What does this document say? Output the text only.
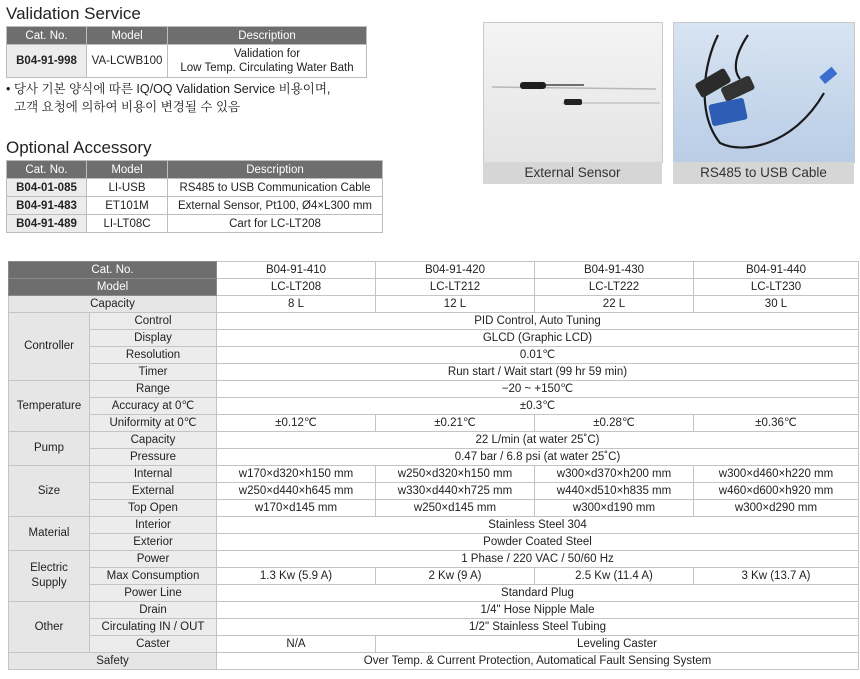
Validation Service
Cat. No.	Model	Description
B04-91-998	VA-LCWB100	Validation for
Low Temp. Circulating Water Bath
• 당사 기본 양식에 따른 IQ/OQ Validation Service 비용이며,
고객 요청에 의하여 비용이 변경될 수 있음
Optional Accessory
Cat. No.	Model	Description
B04-01-085	LI-USB	RS485 to USB Communication Cable
B04-91-483	ET101M	External Sensor, Pt100, Ø4×L300 mm
B04-91-489	LI-LT08C	Cart for LC-LT208
External Sensor	RS485 to USB Cable
Cat. No.		B04-91-410	B04-91-420	B04-91-430	B04-91-440
Model		LC-LT208	LC-LT212	LC-LT222	LC-LT230
Capacity		8 L	12 L	22 L	30 L
Controller	Control	PID Control, Auto Tuning			
	Display	GLCD (Graphic LCD)			
	Resolution	0.01℃			
	Timer	Run start / Wait start (99 hr 59 min)			
Temperature	Range	−20 ~ +150℃			
	Accuracy at 0℃	±0.3℃			
	Uniformity at 0℃	±0.12℃	±0.21℃	±0.28℃	±0.36℃
Pump	Capacity	22 L/min (at water 25˚C)			
	Pressure	0.47 bar / 6.8 psi (at water 25˚C)			
Size	Internal	w170×d320×h150 mm	w250×d320×h150 mm	w300×d370×h200 mm	w300×d460×h220 mm
	External	w250×d440×h645 mm	w330×d440×h725 mm	w440×d510×h835 mm	w460×d600×h920 mm
	Top Open	w170×d145 mm	w250×d145 mm	w300×d190 mm	w300×d290 mm
Material	Interior	Stainless Steel 304			
	Exterior	Powder Coated Steel			
Electric
Supply	Power	1 Phase / 220 VAC / 50/60 Hz			
	Max Consumption	1.3 Kw (5.9 A)	2 Kw (9 A)	2.5 Kw (11.4 A)	3 Kw (13.7 A)
	Power Line	Standard Plug			
Other	Drain	1/4" Hose Nipple Male			
	Circulating IN / OUT	1/2" Stainless Steel Tubing			
	Caster	N/A	Leveling Caster		
Safety		Over Temp. & Current Protection, Automatical Fault Sensing System			
